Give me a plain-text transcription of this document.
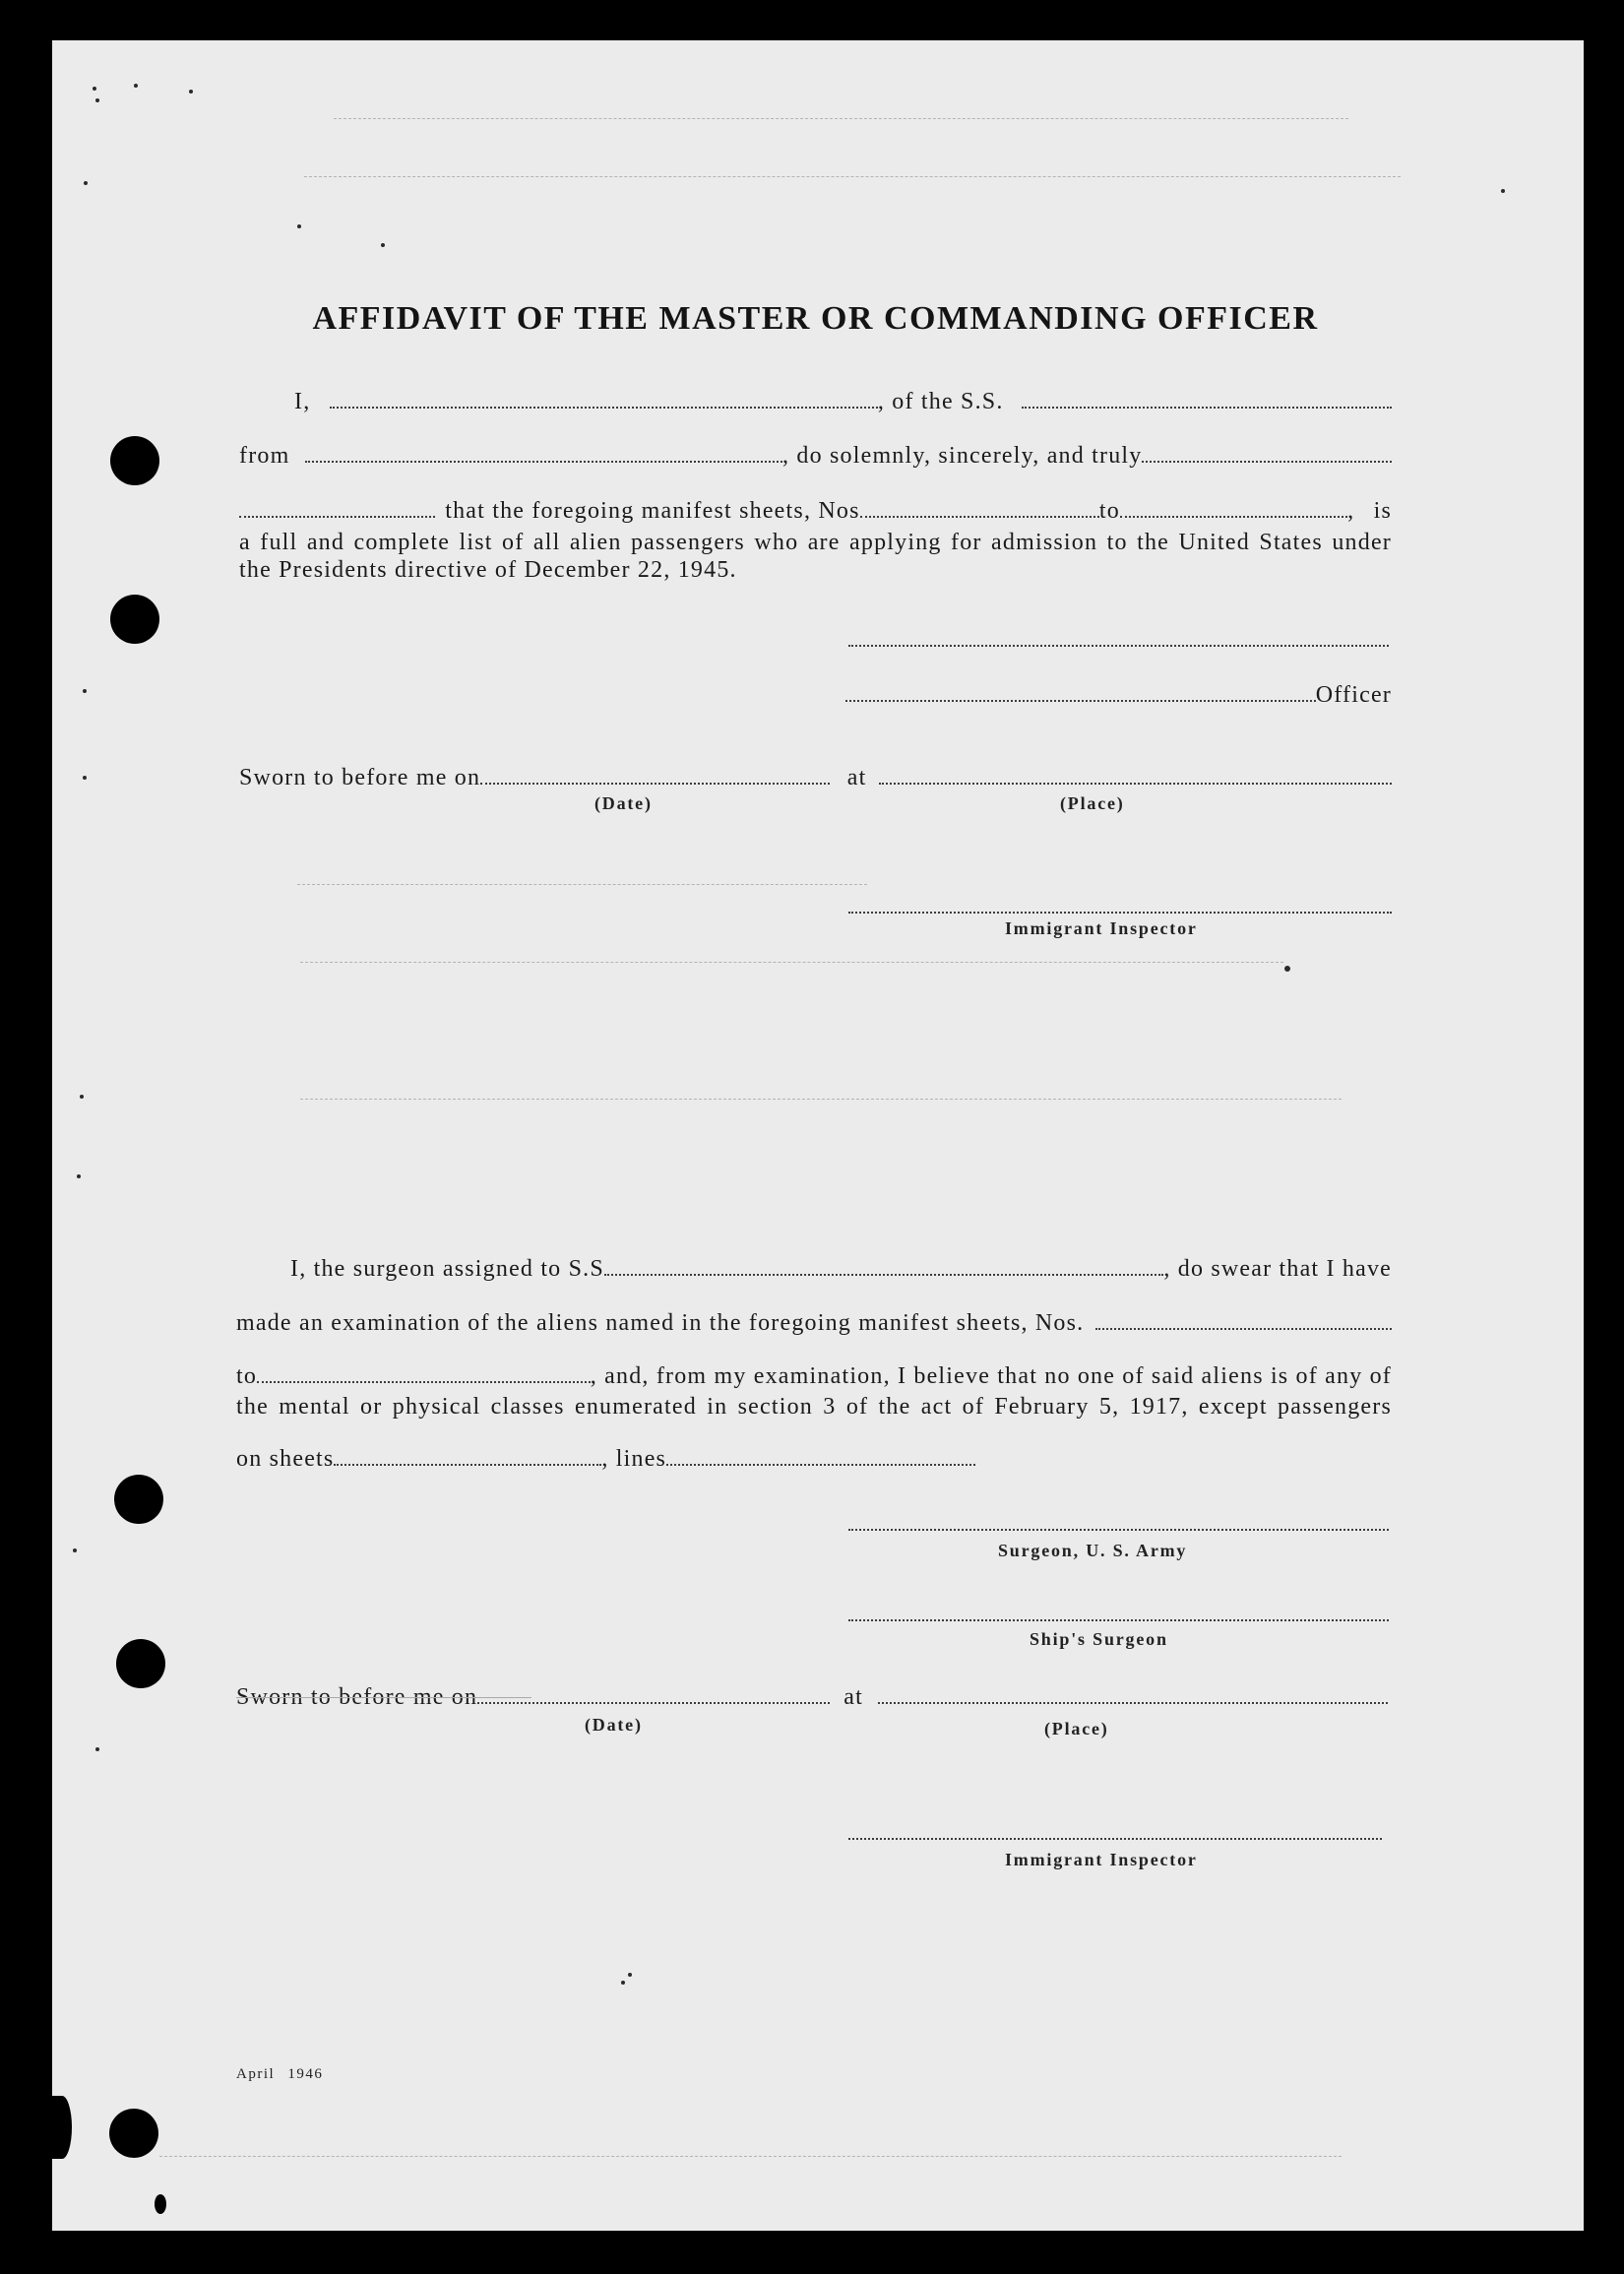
AFFIDAVIT OF THE MASTER OR COMMANDING OFFICER
I,	, of the S.S.
from	, do solemnly, sincerely, and truly
that the foregoing manifest sheets, Nos	to	, is
a full and complete list of all alien passengers who are applying for admission to the United States under
the Presidents directive of December 22, 1945.
Officer
Sworn to before me on	at
(Date)	(Place)
Immigrant Inspector
I, the surgeon assigned to S.S	, do swear that I have
made an examination of the aliens named in the foregoing manifest sheets, Nos.
to	, and, from my examination, I believe that no one of said aliens is of any of
the mental or physical classes enumerated in section 3 of the act of February 5, 1917, except passengers
on sheets	, lines
Surgeon, U. S. Army
Ship's Surgeon
Sworn to before me on	at
(Date)	(Place)
Immigrant Inspector
April 1946
